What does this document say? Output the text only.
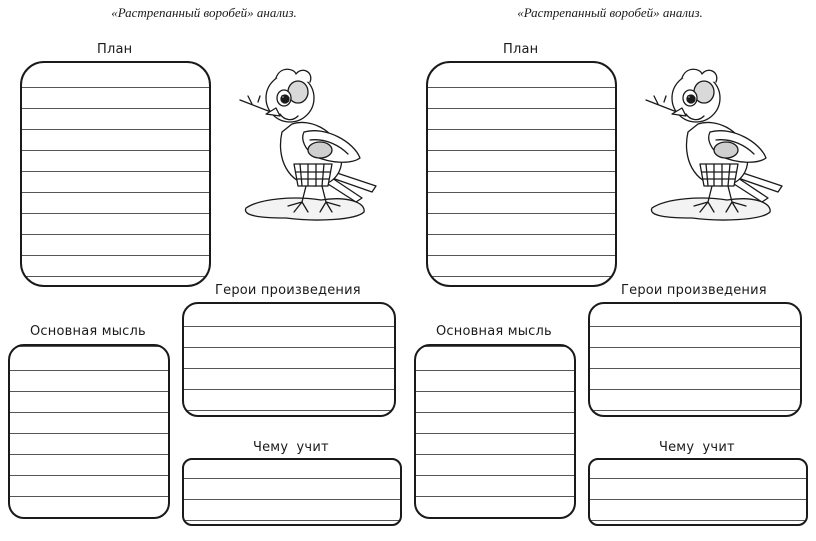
«Растрепанный воробей» анализ.
План
Герои произведения
Основная мысль
Чему учит
«Растрепанный воробей» анализ.
План
Герои произведения
Основная мысль
Чему учит
